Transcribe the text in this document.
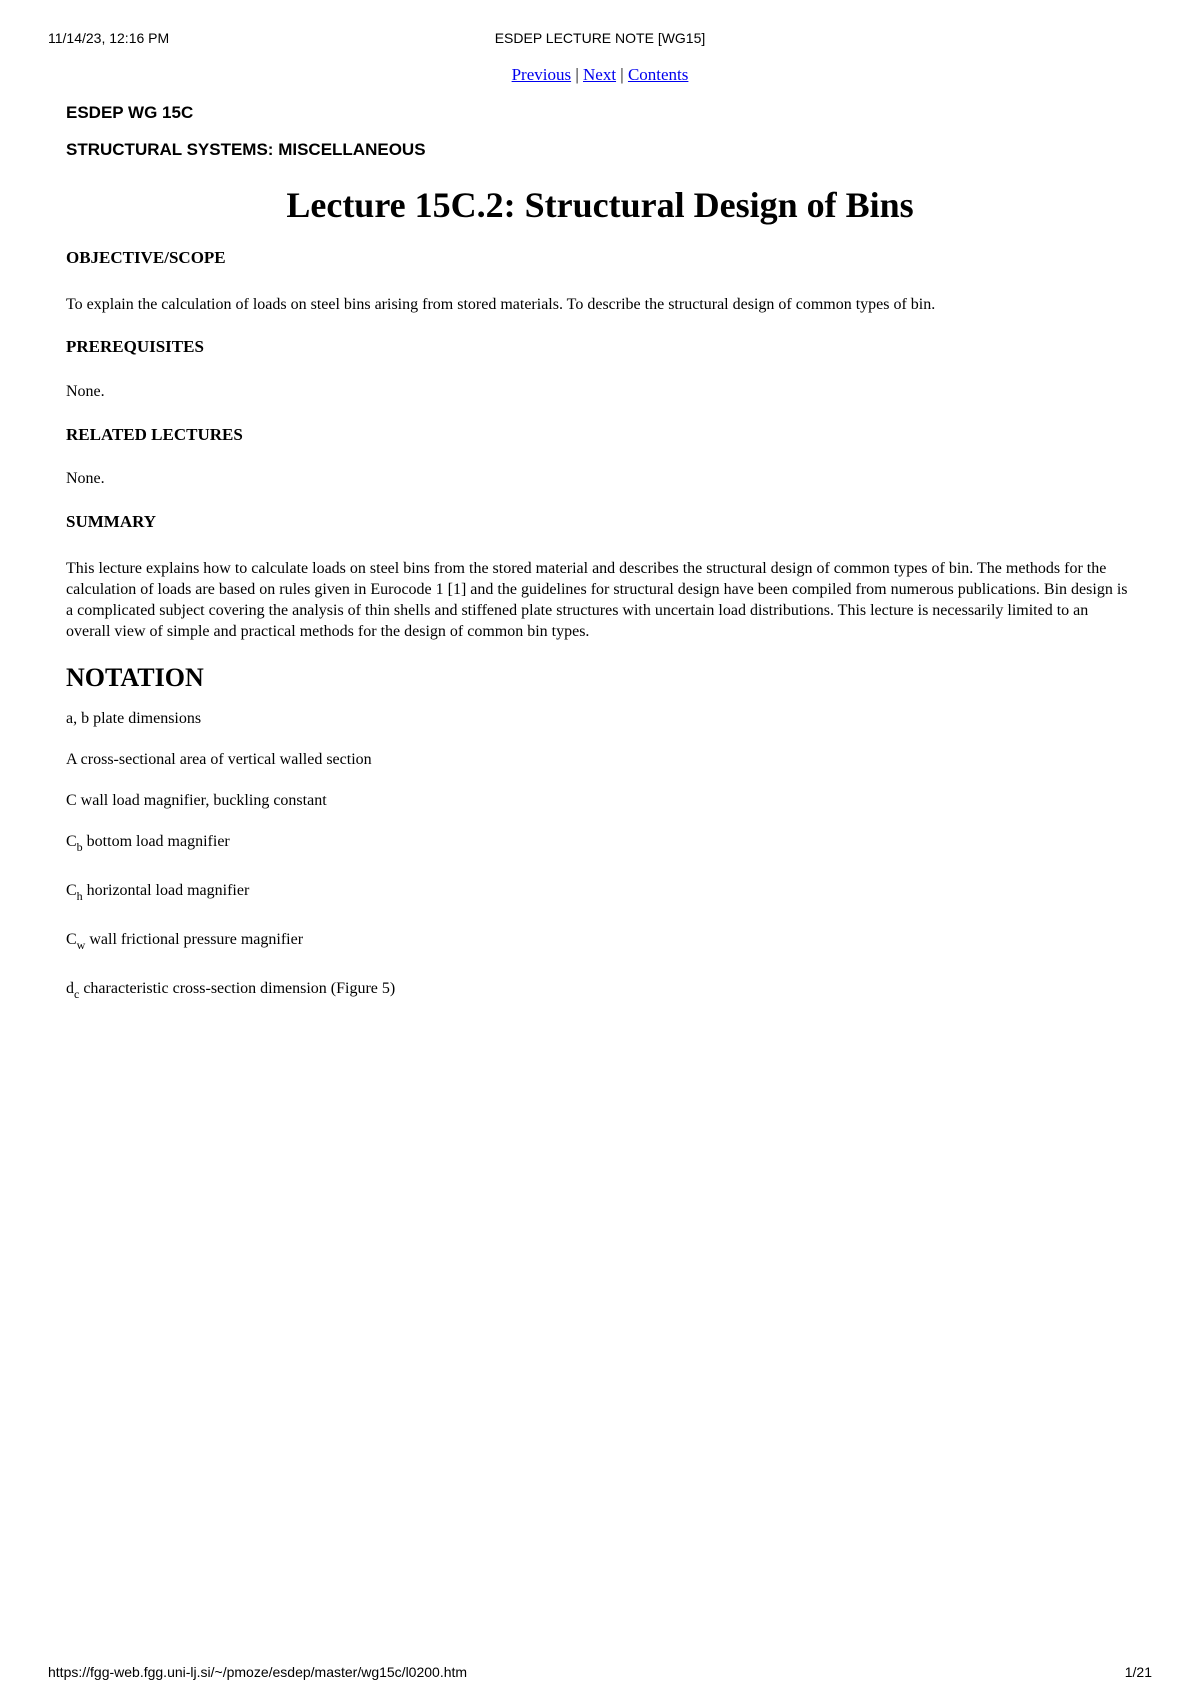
11/14/23, 12:16 PM	ESDEP LECTURE NOTE [WG15]

Previous | Next | Contents

ESDEP WG 15C
STRUCTURAL SYSTEMS: MISCELLANEOUS
Lecture 15C.2: Structural Design of Bins
OBJECTIVE/SCOPE

To explain the calculation of loads on steel bins arising from stored materials. To describe the structural design of common types of bin.

PREREQUISITES

None.

RELATED LECTURES

None.

SUMMARY

This lecture explains how to calculate loads on steel bins from the stored material and describes the structural design of common types of bin. The methods for the calculation of loads are based on rules given in Eurocode 1 [1] and the guidelines for structural design have been compiled from numerous publications. Bin design is a complicated subject covering the analysis of thin shells and stiffened plate structures with uncertain load distributions. This lecture is necessarily limited to an overall view of simple and practical methods for the design of common bin types.

NOTATION
a, b plate dimensions
A cross-sectional area of vertical walled section
C wall load magnifier, buckling constant
$C_b$ bottom load magnifier
$C_h$ horizontal load magnifier
$C_w$ wall frictional pressure magnifier
$d_c$ characteristic cross-section dimension (Figure 5)
https://fgg-web.fgg.uni-lj.si/~/pmoze/esdep/master/wg15c/l0200.htm	1/21
